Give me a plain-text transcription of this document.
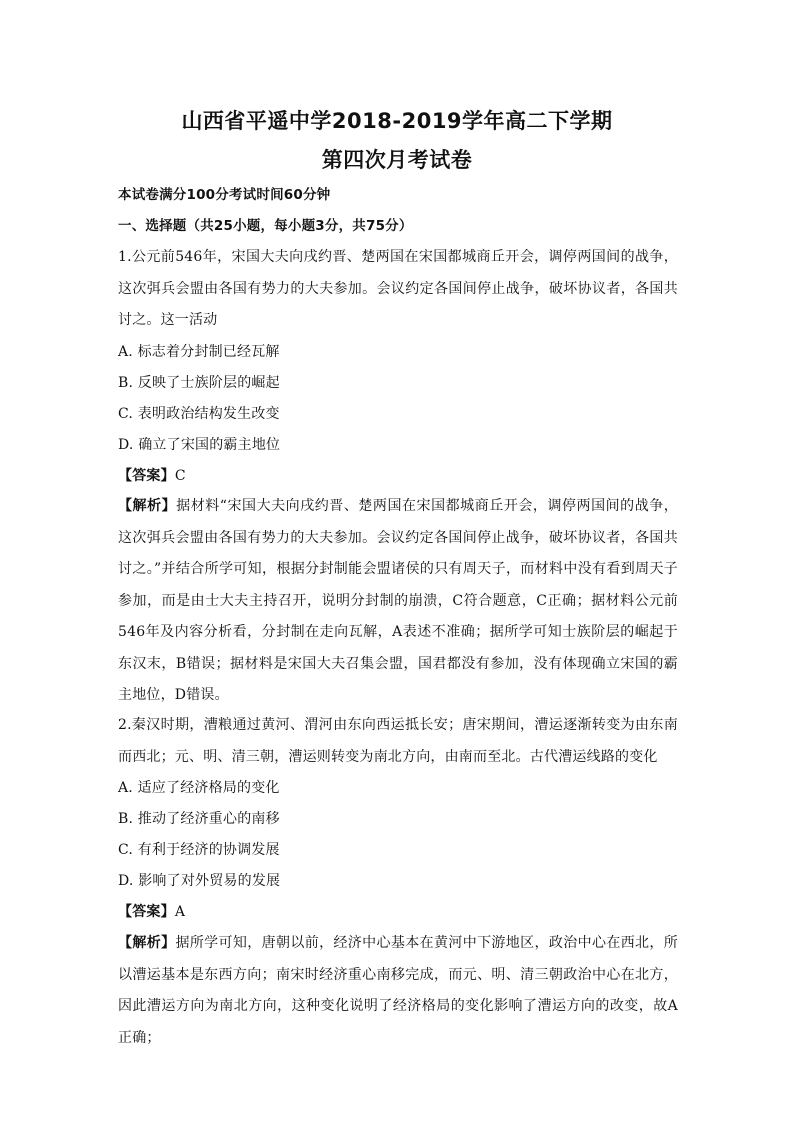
山西省平遥中学2018-2019学年高二下学期
第四次月考试卷
本试卷满分100分考试时间60分钟
一、选择题（共25小题，每小题3分，共75分）
1.公元前546年，宋国大夫向戌约晋、楚两国在宋国都城商丘开会，调停两国间的战争，这次弭兵会盟由各国有势力的大夫参加。会议约定各国间停止战争，破坏协议者，各国共讨之。这一活动
A. 标志着分封制已经瓦解
B. 反映了士族阶层的崛起
C. 表明政治结构发生改变
D. 确立了宋国的霸主地位
【答案】C
【解析】据材料“宋国大夫向戌约晋、楚两国在宋国都城商丘开会，调停两国间的战争，这次弭兵会盟由各国有势力的大夫参加。会议约定各国间停止战争，破坏协议者，各国共讨之。”并结合所学可知，根据分封制能会盟诸侯的只有周天子，而材料中没有看到周天子参加，而是由士大夫主持召开，说明分封制的崩溃，C符合题意，C正确；据材料公元前546年及内容分析看，分封制在走向瓦解，A表述不准确；据所学可知士族阶层的崛起于东汉末，B错误；据材料是宋国大夫召集会盟，国君都没有参加，没有体现确立宋国的霸主地位，D错误。
2.秦汉时期，漕粮通过黄河、渭河由东向西运抵长安；唐宋期间，漕运逐渐转变为由东南而西北；元、明、清三朝，漕运则转变为南北方向，由南而至北。古代漕运线路的变化
A. 适应了经济格局的变化
B. 推动了经济重心的南移
C. 有利于经济的协调发展
D. 影响了对外贸易的发展
【答案】A
【解析】据所学可知，唐朝以前，经济中心基本在黄河中下游地区，政治中心在西北，所以漕运基本是东西方向；南宋时经济重心南移完成，而元、明、清三朝政治中心在北方，因此漕运方向为南北方向，这种变化说明了经济格局的变化影响了漕运方向的改变，故A正确；
